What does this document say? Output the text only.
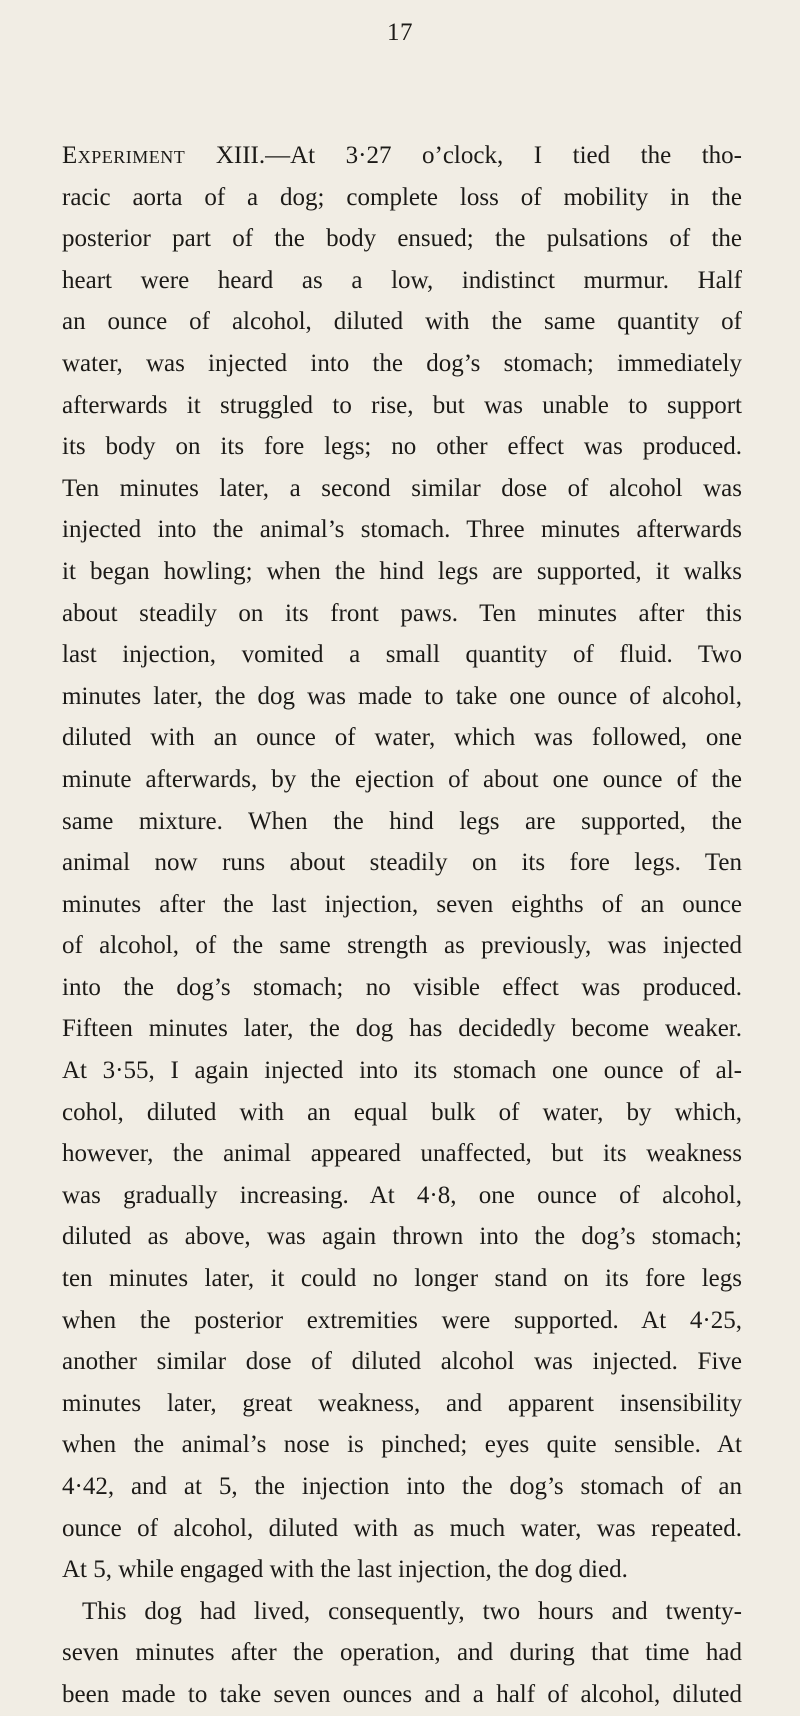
17
Experiment XIII.—At 3·27 o’clock, I tied the tho-
racic aorta of a dog; complete loss of mobility in the
posterior part of the body ensued; the pulsations of the
heart were heard as a low, indistinct murmur. Half
an ounce of alcohol, diluted with the same quantity of
water, was injected into the dog’s stomach; immediately
afterwards it struggled to rise, but was unable to support
its body on its fore legs; no other effect was produced.
Ten minutes later, a second similar dose of alcohol was
injected into the animal’s stomach. Three minutes afterwards
it began howling; when the hind legs are supported, it walks
about steadily on its front paws. Ten minutes after this
last injection, vomited a small quantity of fluid. Two
minutes later, the dog was made to take one ounce of alcohol,
diluted with an ounce of water, which was followed, one
minute afterwards, by the ejection of about one ounce of the
same mixture. When the hind legs are supported, the
animal now runs about steadily on its fore legs. Ten
minutes after the last injection, seven eighths of an ounce
of alcohol, of the same strength as previously, was injected
into the dog’s stomach; no visible effect was produced.
Fifteen minutes later, the dog has decidedly become weaker.
At 3·55, I again injected into its stomach one ounce of al-
cohol, diluted with an equal bulk of water, by which,
however, the animal appeared unaffected, but its weakness
was gradually increasing. At 4·8, one ounce of alcohol,
diluted as above, was again thrown into the dog’s stomach;
ten minutes later, it could no longer stand on its fore legs
when the posterior extremities were supported. At 4·25,
another similar dose of diluted alcohol was injected. Five
minutes later, great weakness, and apparent insensibility
when the animal’s nose is pinched; eyes quite sensible. At
4·42, and at 5, the injection into the dog’s stomach of an
ounce of alcohol, diluted with as much water, was repeated.
At 5, while engaged with the last injection, the dog died.
This dog had lived, consequently, two hours and twenty-
seven minutes after the operation, and during that time had
been made to take seven ounces and a half of alcohol, diluted
